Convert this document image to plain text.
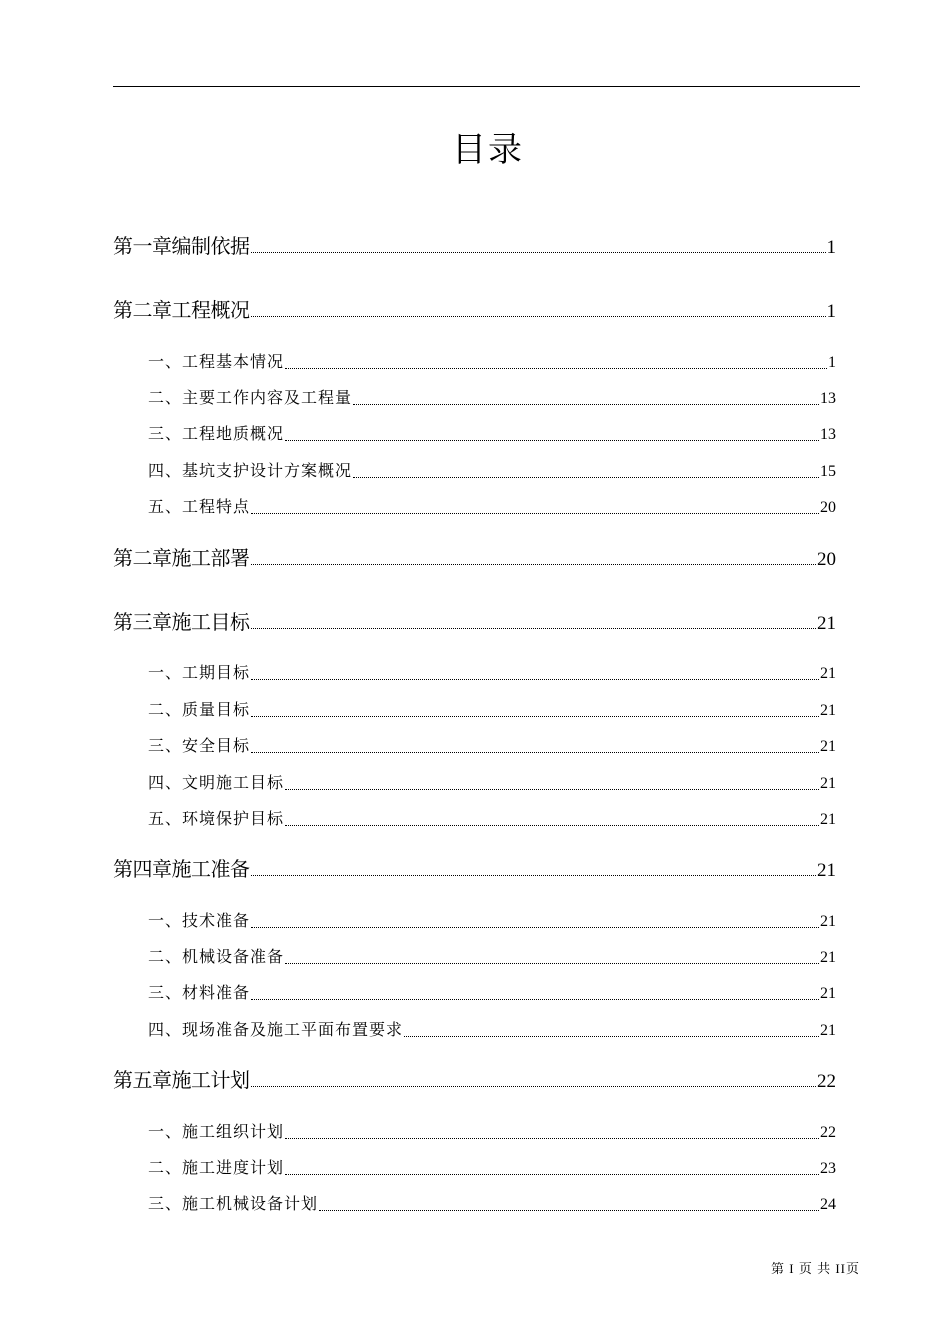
目录
第一章编制依据	1
第二章工程概况	1
一、工程基本情况	1
二、主要工作内容及工程量	13
三、工程地质概况	13
四、基坑支护设计方案概况	15
五、工程特点	20
第二章施工部署	20
第三章施工目标	21
一、工期目标	21
二、质量目标	21
三、安全目标	21
四、文明施工目标	21
五、环境保护目标	21
第四章施工准备	21
一、技术准备	21
二、机械设备准备	21
三、材料准备	21
四、现场准备及施工平面布置要求	21
第五章施工计划	22
一、施工组织计划	22
二、施工进度计划	23
三、施工机械设备计划	24
第 I 页 共 II页
